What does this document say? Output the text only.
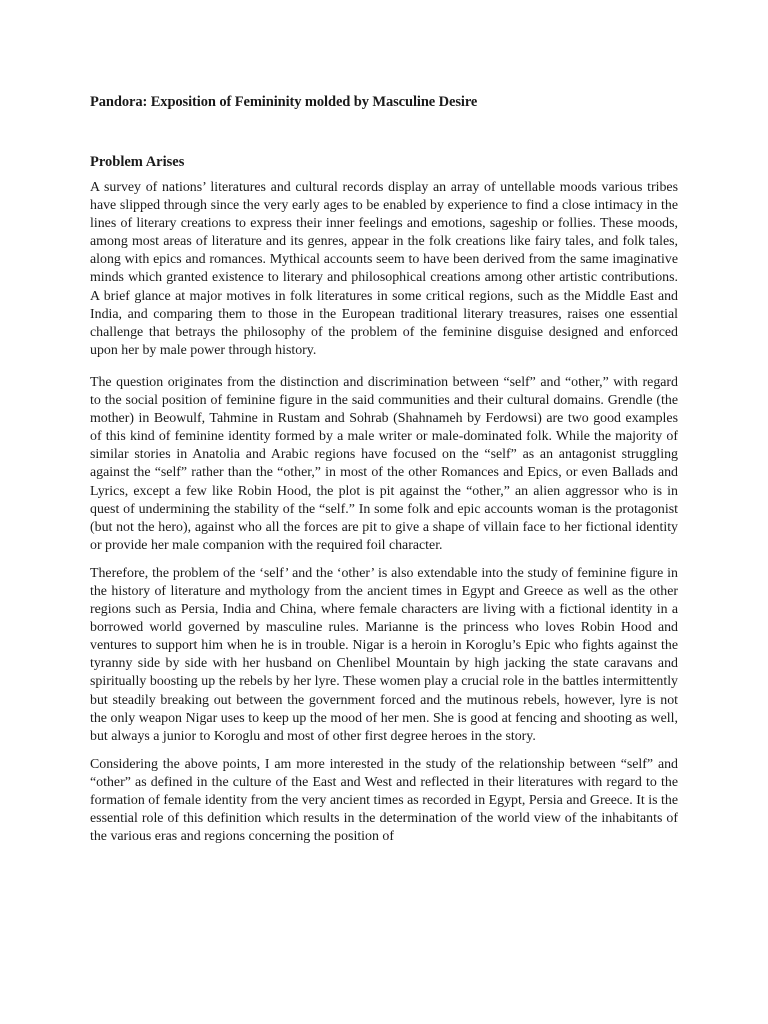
Pandora: Exposition of Femininity molded by Masculine Desire
Problem Arises

A survey of nations’ literatures and cultural records display an array of untellable moods various tribes have slipped through since the very early ages to be enabled by experience to find a close intimacy in the lines of literary creations to express their inner feelings and emotions, sageship or follies. These moods, among most areas of literature and its genres, appear in the folk creations like fairy tales, and folk tales, along with epics and romances. Mythical accounts seem to have been derived from the same imaginative minds which granted existence to literary and philosophical creations among other artistic contributions. A brief glance at major motives in folk literatures in some critical regions, such as the Middle East and India, and comparing them to those in the European traditional literary treasures, raises one essential challenge that betrays the philosophy of the problem of the feminine disguise designed and enforced upon her by male power through history.

The question originates from the distinction and discrimination between “self” and “other,” with regard to the social position of feminine figure in the said communities and their cultural domains. Grendle (the mother) in Beowulf, Tahmine in Rustam and Sohrab (Shahnameh by Ferdowsi) are two good examples of this kind of feminine identity formed by a male writer or male-dominated folk. While the majority of similar stories in Anatolia and Arabic regions have focused on the “self” as an antagonist struggling against the “self” rather than the “other,” in most of the other Romances and Epics, or even Ballads and Lyrics, except a few like Robin Hood, the plot is pit against the “other,” an alien aggressor who is in quest of undermining the stability of the “self.” In some folk and epic accounts woman is the protagonist (but not the hero), against who all the forces are pit to give a shape of villain face to her fictional identity or provide her male companion with the required foil character.

Therefore, the problem of the ‘self’ and the ‘other’ is also extendable into the study of feminine figure in the history of literature and mythology from the ancient times in Egypt and Greece as well as the other regions such as Persia, India and China, where female characters are living with a fictional identity in a borrowed world governed by masculine rules. Marianne is the princess who loves Robin Hood and ventures to support him when he is in trouble. Nigar is a heroin in Koroglu’s Epic who fights against the tyranny side by side with her husband on Chenlibel Mountain by high jacking the state caravans and spiritually boosting up the rebels by her lyre. These women play a crucial role in the battles intermittently but steadily breaking out between the government forced and the mutinous rebels, however, lyre is not the only weapon Nigar uses to keep up the mood of her men. She is good at fencing and shooting as well, but always a junior to Koroglu and most of other first degree heroes in the story.

Considering the above points, I am more interested in the study of the relationship between “self” and “other” as defined in the culture of the East and West and reflected in their literatures with regard to the formation of female identity from the very ancient times as recorded in Egypt, Persia and Greece. It is the essential role of this definition which results in the determination of the world view of the inhabitants of the various eras and regions concerning the position of
